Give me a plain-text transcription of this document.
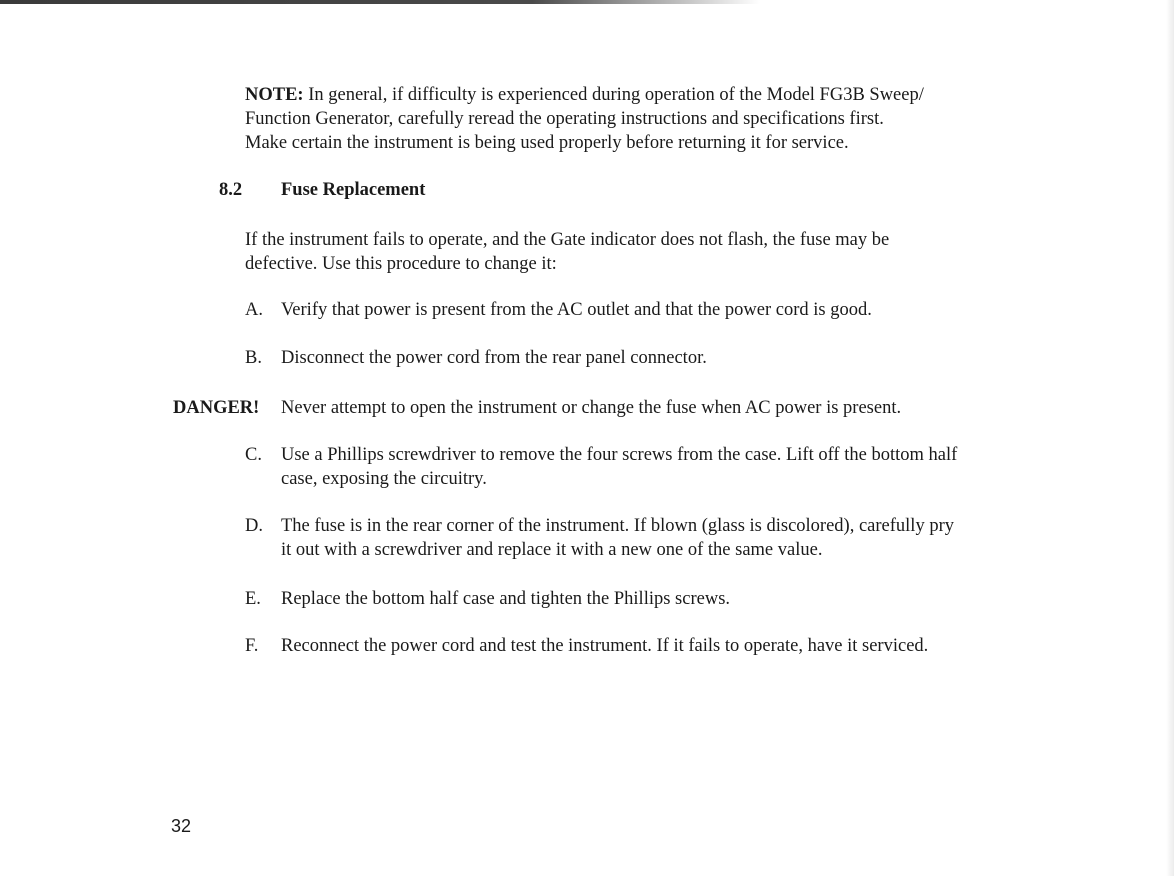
NOTE: In general, if difficulty is experienced during operation of the Model FG3B Sweep/
Function Generator, carefully reread the operating instructions and specifications first.
Make certain the instrument is being used properly before returning it for service.
8.2 Fuse Replacement
If the instrument fails to operate, and the Gate indicator does not flash, the fuse may be
defective. Use this procedure to change it:
A. Verify that power is present from the AC outlet and that the power cord is good.
B. Disconnect the power cord from the rear panel connector.
DANGER! Never attempt to open the instrument or change the fuse when AC power is present.
C. Use a Phillips screwdriver to remove the four screws from the case. Lift off the bottom half
case, exposing the circuitry.
D. The fuse is in the rear corner of the instrument. If blown (glass is discolored), carefully pry
it out with a screwdriver and replace it with a new one of the same value.
E. Replace the bottom half case and tighten the Phillips screws.
F. Reconnect the power cord and test the instrument. If it fails to operate, have it serviced.
32
